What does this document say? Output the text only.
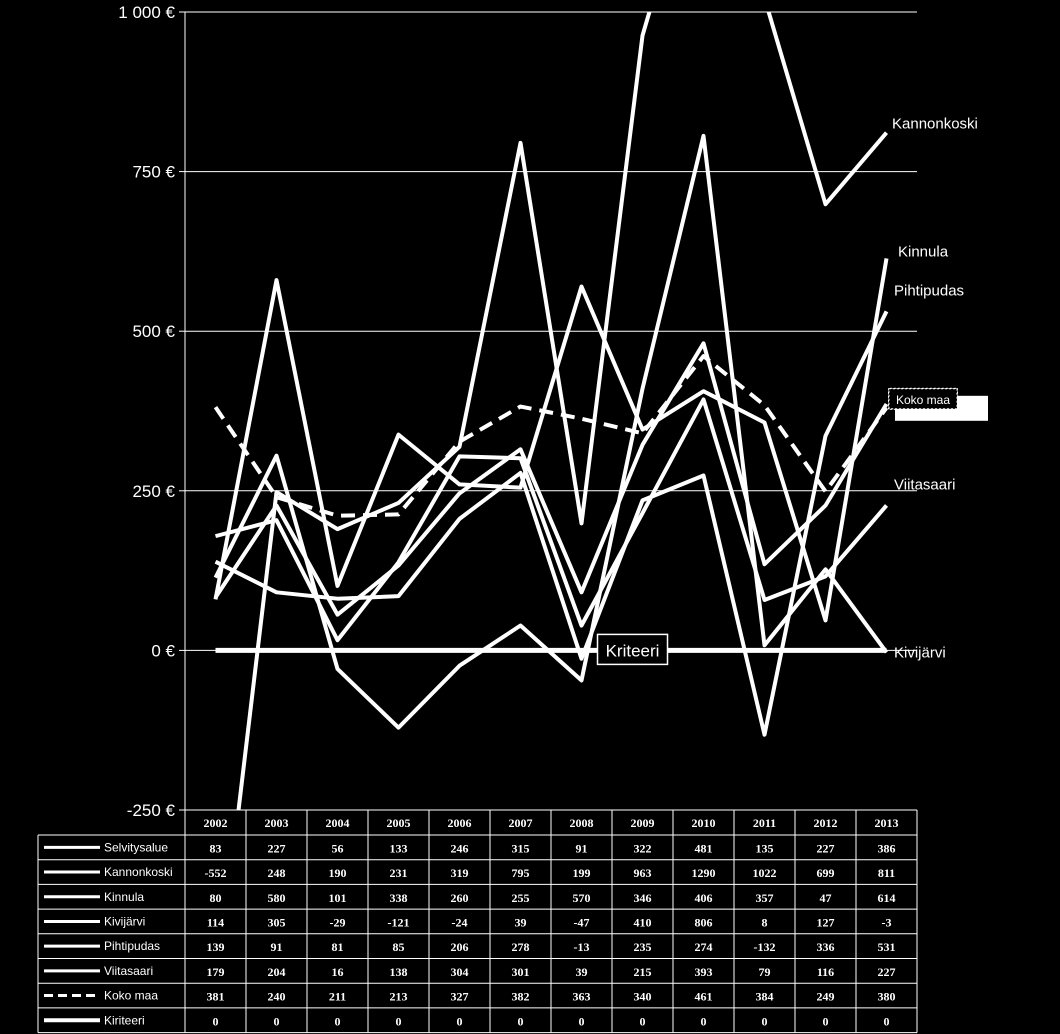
-250 €
0 €
250 €
500 €
750 €
1 000 €
Kannonkoski
Kinnula
Kivijärvi
Pihtipudas
Viitasaari
Koko maa
Kriteeri
2002	2003	2004	2005	2006	2007	2008	2009	2010	2011	2012	2013
Selvitysalue	83	227	56	133	246	315	91	322	481	135	227	386
Kannonkoski	-552	248	190	231	319	795	199	963	1290	1022	699	811
Kinnula	80	580	101	338	260	255	570	346	406	357	47	614
Kivijärvi	114	305	-29	-121	-24	39	-47	410	806	8	127	-3
Pihtipudas	139	91	81	85	206	278	-13	235	274	-132	336	531
Viitasaari	179	204	16	138	304	301	39	215	393	79	116	227
Koko maa	381	240	211	213	327	382	363	340	461	384	249	380
Kiriteeri	0	0	0	0	0	0	0	0	0	0	0	0
